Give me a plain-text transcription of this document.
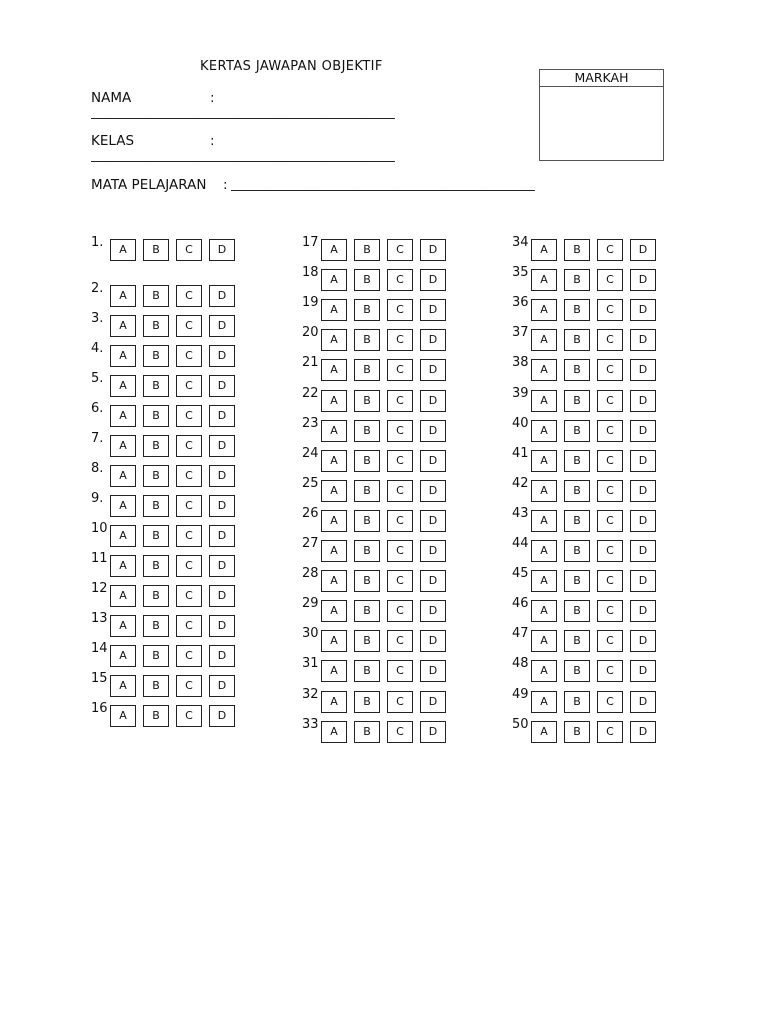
KERTAS JAWAPAN OBJEKTIF
NAMA	:
_____________________________________________
KELAS	:
_____________________________________________
MATA PELAJARAN : _____________________________________________
MARKAH
1.	A	B	C	D
2.	A	B	C	D
3.	A	B	C	D
4.	A	B	C	D
5.	A	B	C	D
6.	A	B	C	D
7.	A	B	C	D
8.	A	B	C	D
9.	A	B	C	D
10	A	B	C	D
11	A	B	C	D
12	A	B	C	D
13	A	B	C	D
14	A	B	C	D
15	A	B	C	D
16	A	B	C	D
17	A	B	C	D
18	A	B	C	D
19	A	B	C	D
20	A	B	C	D
21	A	B	C	D
22	A	B	C	D
23	A	B	C	D
24	A	B	C	D
25	A	B	C	D
26	A	B	C	D
27	A	B	C	D
28	A	B	C	D
29	A	B	C	D
30	A	B	C	D
31	A	B	C	D
32	A	B	C	D
33	A	B	C	D
34	A	B	C	D
35	A	B	C	D
36	A	B	C	D
37	A	B	C	D
38	A	B	C	D
39	A	B	C	D
40	A	B	C	D
41	A	B	C	D
42	A	B	C	D
43	A	B	C	D
44	A	B	C	D
45	A	B	C	D
46	A	B	C	D
47	A	B	C	D
48	A	B	C	D
49	A	B	C	D
50	A	B	C	D
